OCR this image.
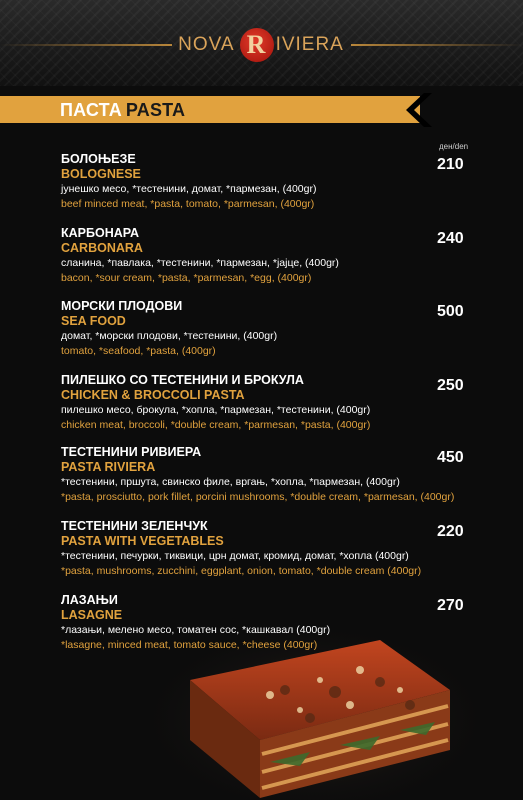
NOVA R IVIERA
ПАСТА PASTA
ден/den
БОЛОЊЕЗЕ
BOLOGNESE
јунешко месо, *тестенини, домат, *пармезан, (400gr)
beef minced meat, *pasta, tomato, *parmesan, (400gr)
210
КАРБОНАРА
CARBONARA
сланина, *павлака, *тестенини, *пармезан, *јајце, (400gr)
bacon, *sour cream, *pasta, *parmesan, *egg, (400gr)
240
МОРСКИ ПЛОДОВИ
SEA FOOD
домат, *морски плодови, *тестенини, (400gr)
tomato, *seafood, *pasta, (400gr)
500
ПИЛЕШКО СО ТЕСТЕНИНИ И БРОКУЛА
CHICKEN & BROCCOLI PASTA
пилешко месо, брокула, *хопла, *пармезан, *тестенини, (400gr)
chicken meat, broccoli, *double cream, *parmesan, *pasta, (400gr)
250
ТЕСТЕНИНИ РИВИЕРА
PASTA RIVIERA
*тестенини, пршута, свинско филе, вргањ, *хопла, *пармезан, (400gr)
*pasta, prosciutto, pork fillet, porcini mushrooms, *double cream, *parmesan, (400gr)
450
ТЕСТЕНИНИ ЗЕЛЕНЧУК
PASTA WITH VEGETABLES
*тестенини, печурки, тиквици, црн домат, кромид, домат, *хопла (400gr)
*pasta, mushrooms, zucchini, eggplant, onion, tomato, *double cream (400gr)
220
ЛАЗАЊИ
LASAGNE
*лазањи, мелено месо, томатен сос, *кашкавал (400gr)
*lasagne, minced meat, tomato sauce, *cheese (400gr)
270
